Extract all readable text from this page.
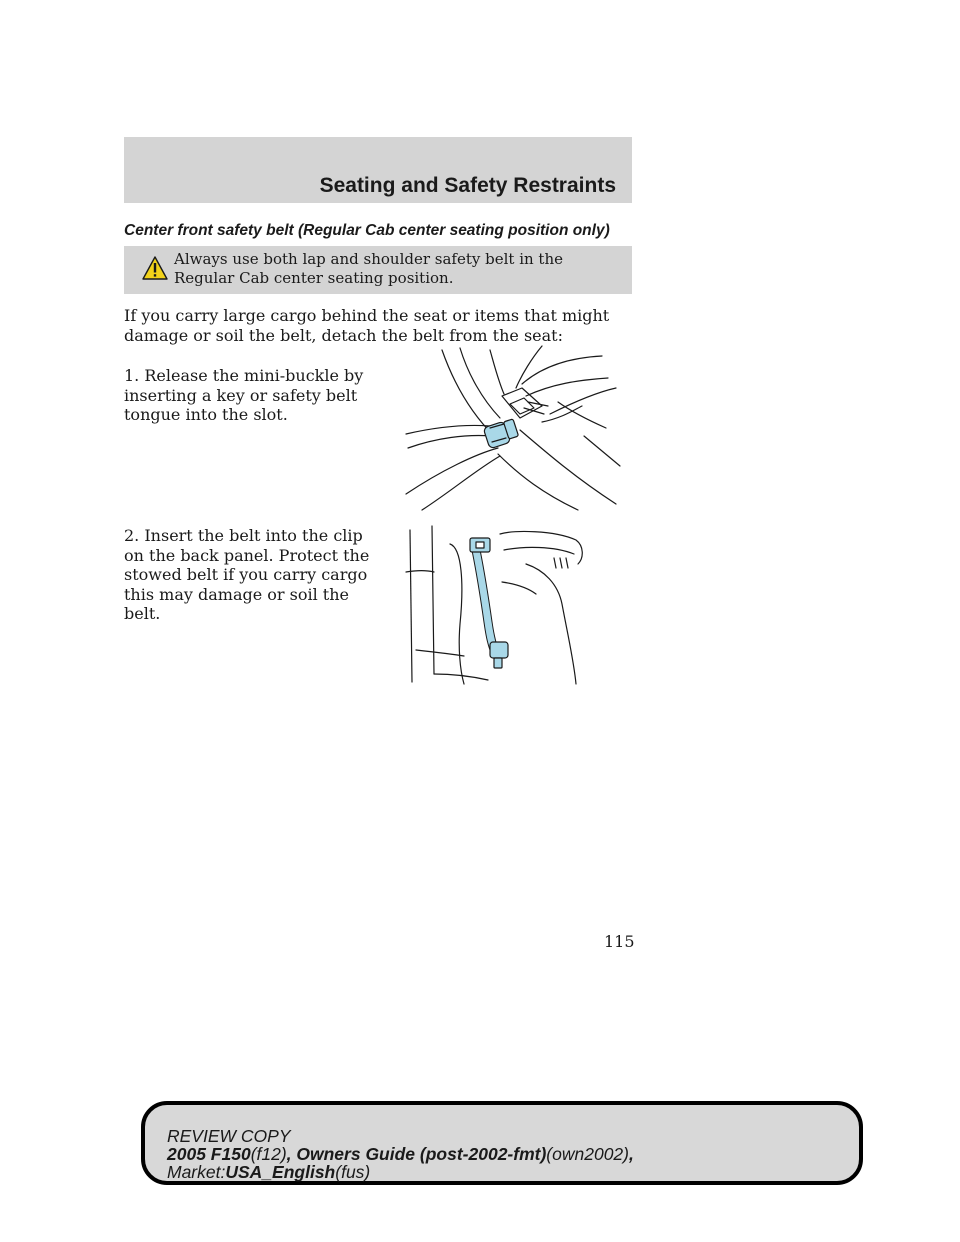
Seating and Safety Restraints
Center front safety belt (Regular Cab center seating position only)
Always use both lap and shoulder safety belt in the Regular Cab center seating position.
If you carry large cargo behind the seat or items that might damage or soil the belt, detach the belt from the seat:
1. Release the mini-buckle by inserting a key or safety belt tongue into the slot.
2. Insert the belt into the clip on the back panel. Protect the stowed belt if you carry cargo this may damage or soil the belt.
115
REVIEW COPY
2005 F150(f12), Owners Guide (post-2002-fmt)(own2002),
Market:USA_English(fus)
